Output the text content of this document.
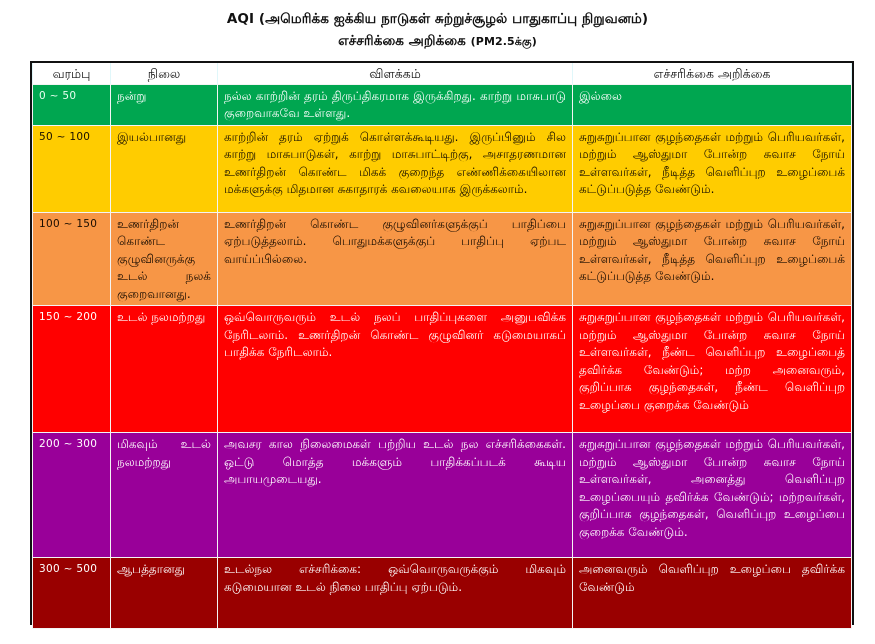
AQI (அமெரிக்க ஐக்கிய நாடுகள் சுற்றுச்சூழல் பாதுகாப்பு நிறுவனம்)
எச்சரிக்கை அறிக்கை (PM2.5க்கு)
வரம்பு	நிலை	விளக்கம்	எச்சரிக்கை அறிக்கை
0 ~ 50	நன்று	நல்ல காற்றின் தரம் திருப்திகரமாக இருக்கிறது. காற்று மாசுபாடு குறைவாகவே உள்ளது.	இல்லை
50 ~ 100	இயல்பானது	காற்றின் தரம் ஏற்றுக் கொள்ளக்கூடியது. இருப்பினும் சில காற்று மாசுபாடுகள், காற்று மாசுபாட்டிற்கு, அசாதரணமான உணர்திறன் கொண்ட மிகக் குறைந்த எண்ணிக்கையிலான மக்களுக்கு மிதமான சுகாதாரக் கவலையாக இருக்கலாம்.	சுறுசுறுப்பான குழந்தைகள் மற்றும் பெரியவர்கள், மற்றும் ஆஸ்துமா போன்ற சுவாச நோய் உள்ளவர்கள், நீடித்த வெளிப்புற உழைப்பைக் கட்டுப்படுத்த வேண்டும்.
100 ~ 150	உணர்திறன் கொண்ட குழுவினருக்கு உடல் நலக் குறைவானது.	உணர்திறன் கொண்ட குழுவினர்களுக்குப் பாதிப்பை ஏற்படுத்தலாம். பொதுமக்களுக்குப் பாதிப்பு ஏற்பட வாய்ப்பில்லை.	சுறுசுறுப்பான குழந்தைகள் மற்றும் பெரியவர்கள், மற்றும் ஆஸ்துமா போன்ற சுவாச நோய் உள்ளவர்கள், நீடித்த வெளிப்புற உழைப்பைக் கட்டுப்படுத்த வேண்டும்.
150 ~ 200	உடல் நலமற்றது	ஒவ்வொருவரும் உடல் நலப் பாதிப்புகளை அனுபவிக்க நேரிடலாம். உணர்திறன் கொண்ட குழுவினர் கடுமையாகப் பாதிக்க நேரிடலாம்.	சுறுசுறுப்பான குழந்தைகள் மற்றும் பெரியவர்கள், மற்றும் ஆஸ்துமா போன்ற சுவாச நோய் உள்ளவர்கள், நீண்ட வெளிப்புற உழைப்பைத் தவிர்க்க வேண்டும்; மற்ற அனைவரும், குறிப்பாக குழந்தைகள், நீண்ட வெளிப்புற உழைப்பை குறைக்க வேண்டும்
200 ~ 300	மிகவும் உடல் நலமற்றது	அவசர கால நிலைமைகள் பற்றிய உடல் நல எச்சரிக்கைகள். ஒட்டு மொத்த மக்களும் பாதிக்கப்படக் கூடிய அபாயமுடையது.	சுறுசுறுப்பான குழந்தைகள் மற்றும் பெரியவர்கள், மற்றும் ஆஸ்துமா போன்ற சுவாச நோய் உள்ளவர்கள், அனைத்து வெளிப்புற உழைப்பையும் தவிர்க்க வேண்டும்; மற்றவர்கள், குறிப்பாக குழந்தைகள், வெளிப்புற உழைப்பை குறைக்க வேண்டும்.
300 ~ 500	ஆபத்தானது	உடல்நல எச்சரிக்கை: ஒவ்வொருவருக்கும் மிகவும் கடுமையான உடல் நிலை பாதிப்பு ஏற்படும்.	அனைவரும் வெளிப்புற உழைப்பை தவிர்க்க வேண்டும்
